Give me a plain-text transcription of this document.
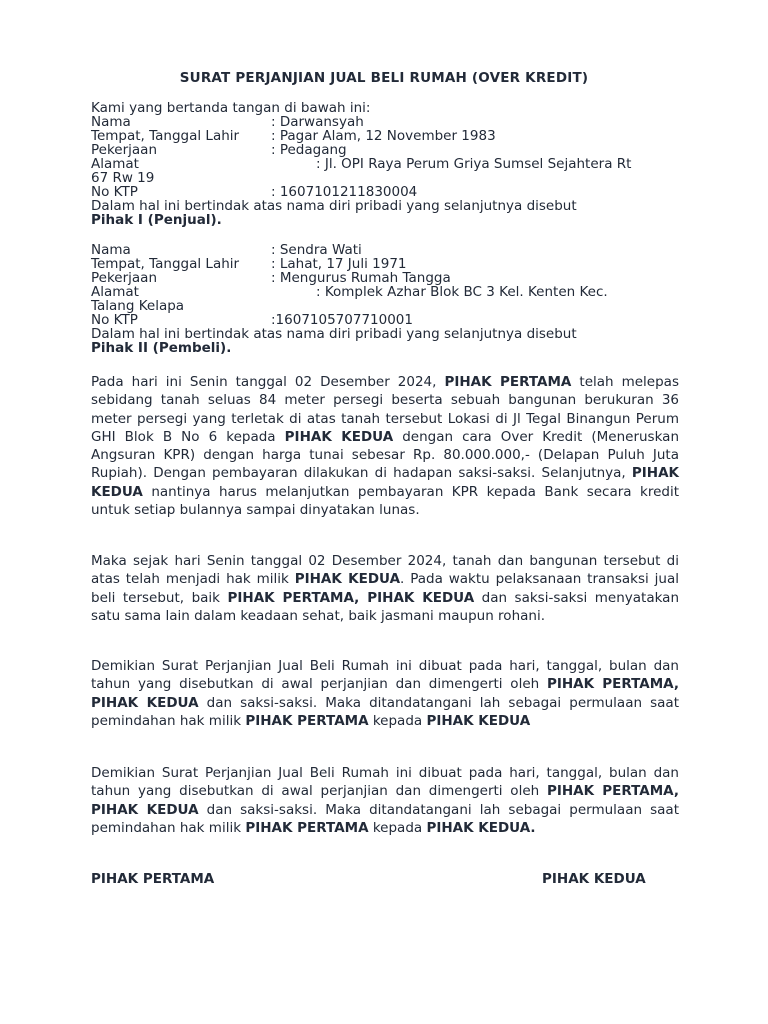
SURAT PERJANJIAN JUAL BELI RUMAH (OVER KREDIT)
Kami yang bertanda tangan di bawah ini:
Nama	: Darwansyah
Tempat, Tanggal Lahir	: Pagar Alam, 12 November 1983
Pekerjaan	: Pedagang
Alamat	: Jl. OPI Raya Perum Griya Sumsel Sejahtera Rt
67 Rw 19
No KTP	: 1607101211830004
Dalam hal ini bertindak atas nama diri pribadi yang selanjutnya disebut
Pihak I (Penjual).
Nama	: Sendra Wati
Tempat, Tanggal Lahir	: Lahat, 17 Juli 1971
Pekerjaan	: Mengurus Rumah Tangga
Alamat	: Komplek Azhar Blok BC 3 Kel. Kenten Kec.
Talang Kelapa
No KTP	:1607105707710001
Dalam hal ini bertindak atas nama diri pribadi yang selanjutnya disebut
Pihak II (Pembeli).

Pada hari ini Senin tanggal 02 Desember 2024, PIHAK PERTAMA telah melepas sebidang tanah seluas 84 meter persegi beserta sebuah bangunan berukuran 36 meter persegi yang terletak di atas tanah tersebut Lokasi di Jl Tegal Binangun Perum GHI Blok B No 6 kepada PIHAK KEDUA dengan cara Over Kredit (Meneruskan Angsuran KPR) dengan harga tunai sebesar Rp. 80.000.000,- (Delapan Puluh Juta Rupiah). Dengan pembayaran dilakukan di hadapan saksi-saksi. Selanjutnya, PIHAK KEDUA nantinya harus melanjutkan pembayaran KPR kepada Bank secara kredit untuk setiap bulannya sampai dinyatakan lunas.

Maka sejak hari Senin tanggal 02 Desember 2024, tanah dan bangunan tersebut di atas telah menjadi hak milik PIHAK KEDUA. Pada waktu pelaksanaan transaksi jual beli tersebut, baik PIHAK PERTAMA, PIHAK KEDUA dan saksi-saksi menyatakan satu sama lain dalam keadaan sehat, baik jasmani maupun rohani.

Demikian Surat Perjanjian Jual Beli Rumah ini dibuat pada hari, tanggal, bulan dan tahun yang disebutkan di awal perjanjian dan dimengerti oleh PIHAK PERTAMA, PIHAK KEDUA dan saksi-saksi. Maka ditandatangani lah sebagai permulaan saat pemindahan hak milik PIHAK PERTAMA kepada PIHAK KEDUA

Demikian Surat Perjanjian Jual Beli Rumah ini dibuat pada hari, tanggal, bulan dan tahun yang disebutkan di awal perjanjian dan dimengerti oleh PIHAK PERTAMA, PIHAK KEDUA dan saksi-saksi. Maka ditandatangani lah sebagai permulaan saat pemindahan hak milik PIHAK PERTAMA kepada PIHAK KEDUA.

PIHAK PERTAMA	PIHAK KEDUA
